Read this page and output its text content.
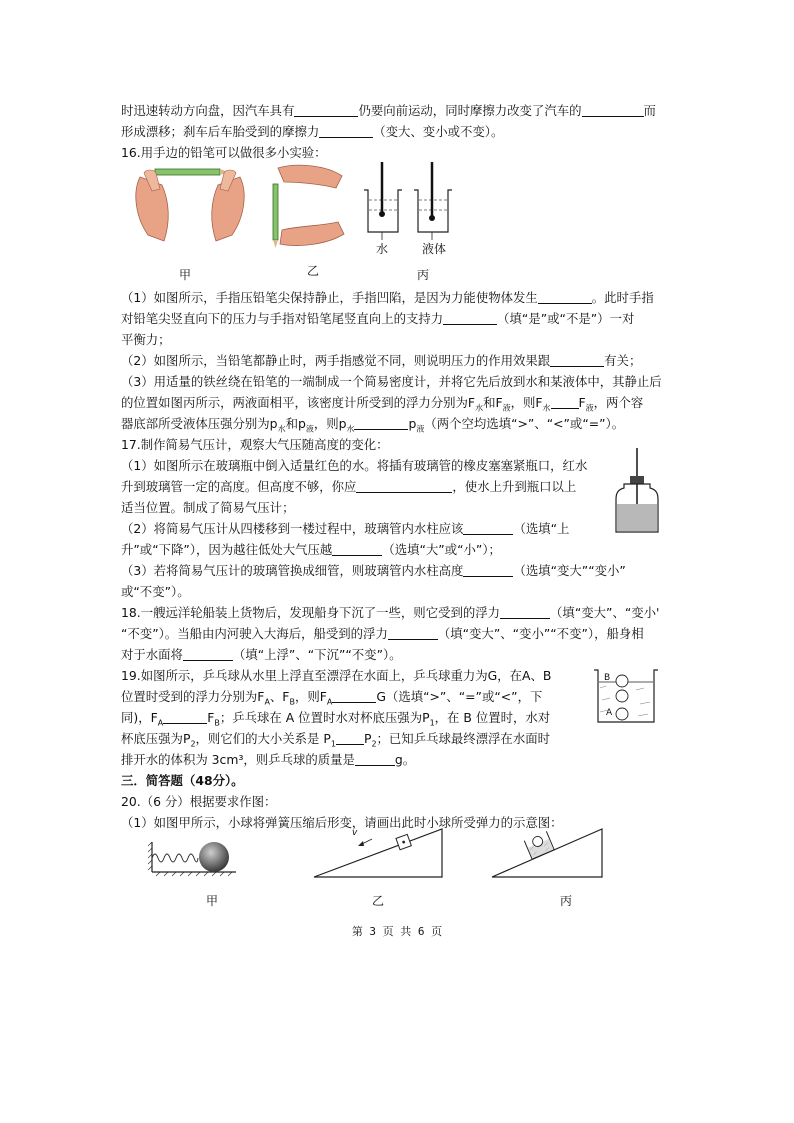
时迅速转动方向盘，因汽车具有	仍要向前运动，同时摩擦力改变了汽车的	而
形成漂移；刹车后车胎受到的摩擦力	（变大、变小或不变）。
16.用手边的铅笔可以做很多小实验：
甲	乙
水	液体
丙
（1）如图所示，手指压铅笔尖保持静止，手指凹陷，是因为力能使物体发生	。此时手指
对铅笔尖竖直向下的压力与手指对铅笔尾竖直向上的支持力	（填“是”或“不是”）一对
平衡力；
（2）如图所示，当铅笔都静止时，两手指感觉不同，则说明压力的作用效果跟	有关；
（3）用适量的铁丝绕在铅笔的一端制成一个简易密度计，并将它先后放到水和某液体中，其静止后
的位置如图丙所示，两液面相平，该密度计所受到的浮力分别为$F_水$和$F_液$，则$F_水$ $F_液$，两个容
器底部所受液体压强分别为$p_水$和$p_液$，则$p_水$	$p_液$（两个空均选填“>”、“<”或“=”）。
17.制作简易气压计，观察大气压随高度的变化：
（1）如图所示在玻璃瓶中倒入适量红色的水。将插有玻璃管的橡皮塞塞紧瓶口，红水
升到玻璃管一定的高度。但高度不够，你应	，使水上升到瓶口以上
适当位置。制成了简易气压计；
（2）将简易气压计从四楼移到一楼过程中，玻璃管内水柱应该	（选填“上
升”或“下降”），因为越往低处大气压越	（选填“大”或“小”）；
（3）若将简易气压计的玻璃管换成细管，则玻璃管内水柱高度	（选填“变大”“变小”
或“不变”）。
18.一艘远洋轮船装上货物后，发现船身下沉了一些，则它受到的浮力	（填“变大”、“变小'
“不变”）。当船由内河驶入大海后，船受到的浮力	（填“变大”、“变小”“不变”），船身相
对于水面将	（填“上浮”、“下沉”“不变”）。
19.如图所示，乒乓球从水里上浮直至漂浮在水面上，乒乓球重力为G，在A、B
位置时受到的浮力分别为$F_A$、$F_B$，则$F_A$	G（选填“>”、“=”或“<”，下
同)，$F_A$	$F_B$；乒乓球在 A 位置时水对杯底压强为$P_1$，在 B 位置时，水对
杯底压强为$P_2$，则它们的大小关系是 $P_1$ $P_2$；已知乒乓球最终漂浮在水面时
排开水的体积为 3cm³，则乒乓球的质量是	g。
B
A
三．简答题（48分）。
20.（6 分）根据要求作图：
（1）如图甲所示，小球将弹簧压缩后形变，请画出此时小球所受弹力的示意图：
甲
v
乙	丙
第 3 页 共 6 页
